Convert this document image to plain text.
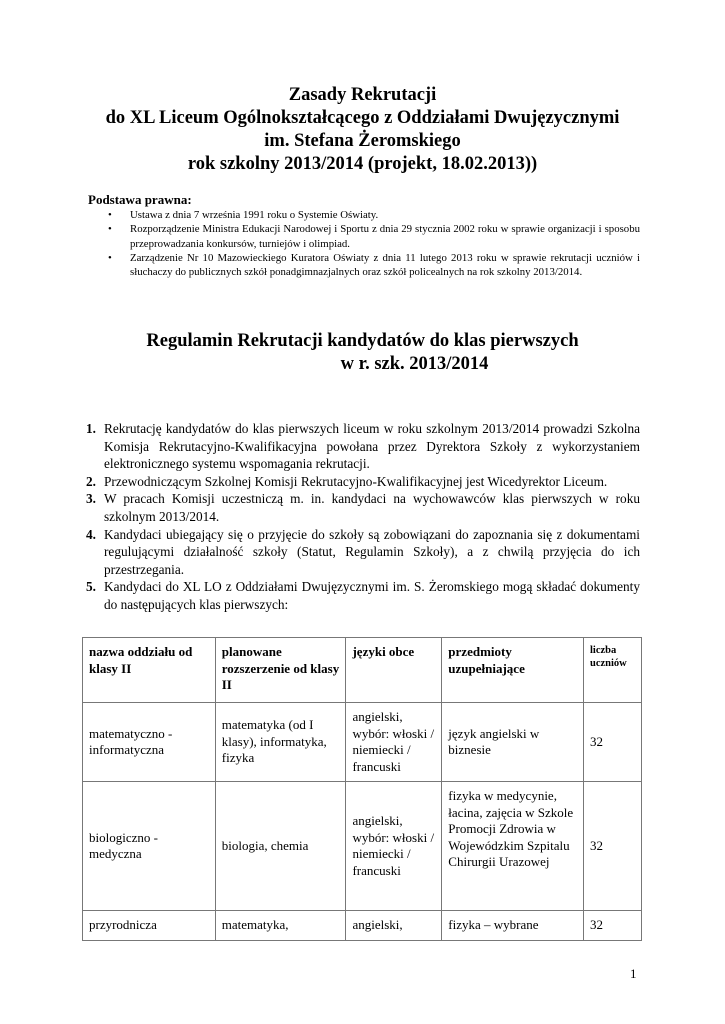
Zasady Rekrutacji
do XL Liceum Ogólnokształcącego z Oddziałami Dwujęzycznymi
im. Stefana Żeromskiego
rok szkolny 2013/2014 (projekt, 18.02.2013))
Podstawa prawna:
• Ustawa z dnia 7 września 1991 roku o Systemie Oświaty.
• Rozporządzenie Ministra Edukacji Narodowej i Sportu z dnia 29 stycznia 2002 roku w sprawie organizacji i sposobu przeprowadzania konkursów, turniejów i olimpiad.
• Zarządzenie Nr 10 Mazowieckiego Kuratora Oświaty z dnia 11 lutego 2013 roku w sprawie rekrutacji uczniów i słuchaczy do publicznych szkół ponadgimnazjalnych oraz szkół policealnych na rok szkolny 2013/2014.
Regulamin Rekrutacji kandydatów do klas pierwszych
w r. szk. 2013/2014
1. Rekrutację kandydatów do klas pierwszych liceum w roku szkolnym 2013/2014 prowadzi Szkolna Komisja Rekrutacyjno-Kwalifikacyjna powołana przez Dyrektora Szkoły z wykorzystaniem elektronicznego systemu wspomagania rekrutacji.
2. Przewodniczącym Szkolnej Komisji Rekrutacyjno-Kwalifikacyjnej jest Wicedyrektor Liceum.
3. W pracach Komisji uczestniczą m. in. kandydaci na wychowawców klas pierwszych w roku szkolnym 2013/2014.
4. Kandydaci ubiegający się o przyjęcie do szkoły są zobowiązani do zapoznania się z dokumentami regulującymi działalność szkoły (Statut, Regulamin Szkoły), a z chwilą przyjęcia do ich przestrzegania.
5. Kandydaci do XL LO z Oddziałami Dwujęzycznymi im. S. Żeromskiego mogą składać dokumenty do następujących klas pierwszych:
nazwa oddziału od klasy II	planowane rozszerzenie od klasy II	języki obce	przedmioty uzupełniające	liczba uczniów
matematyczno - informatyczna	matematyka (od I klasy), informatyka, fizyka	angielski, wybór: włoski / niemiecki / francuski	język angielski w biznesie	32
biologiczno - medyczna	biologia, chemia	angielski, wybór: włoski / niemiecki / francuski	fizyka w medycynie, łacina, zajęcia w Szkole Promocji Zdrowia w Wojewódzkim Szpitalu Chirurgii Urazowej	32
przyrodnicza	matematyka,	angielski,	fizyka – wybrane	32
1
